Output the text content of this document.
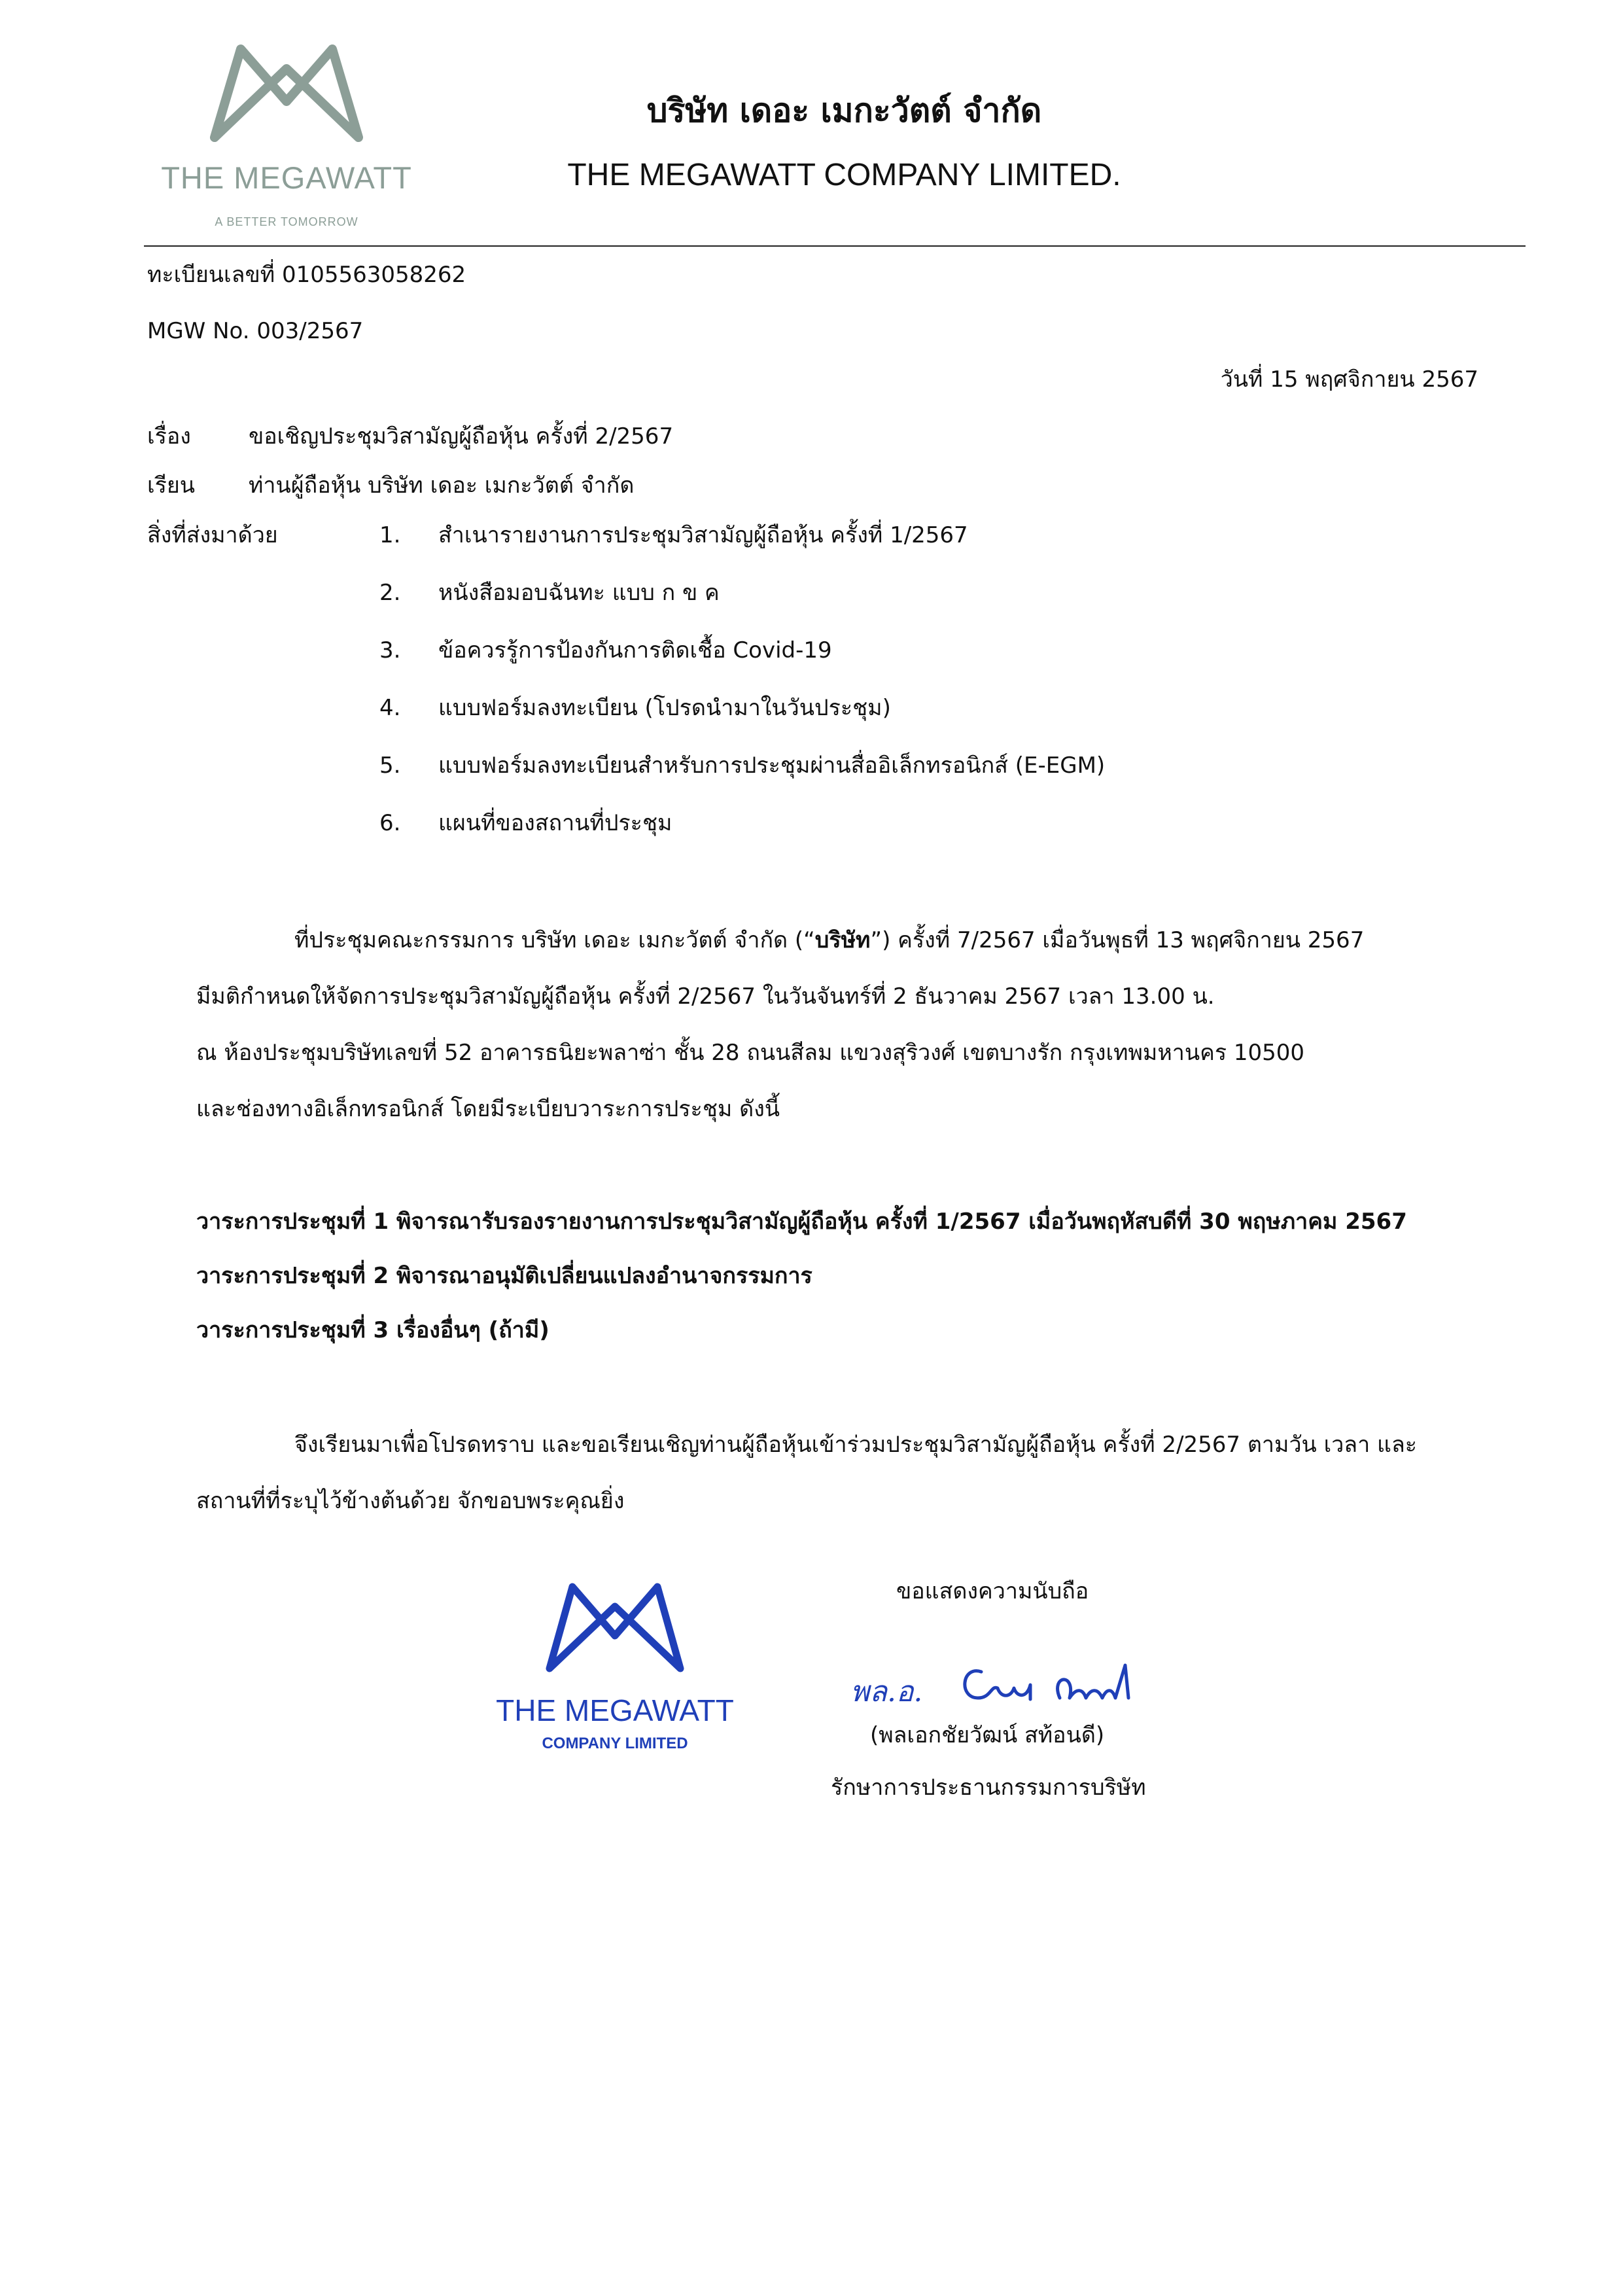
THE MEGAWATT
A BETTER TOMORROW
บริษัท เดอะ เมกะวัตต์ จำกัด
THE MEGAWATT COMPANY LIMITED.
ทะเบียนเลขที่ 0105563058262
MGW No. 003/2567
วันที่ 15 พฤศจิกายน 2567
เรื่อง	ขอเชิญประชุมวิสามัญผู้ถือหุ้น ครั้งที่ 2/2567
เรียน ท่านผู้ถือหุ้น บริษัท เดอะ เมกะวัตต์ จำกัด
สิ่งที่ส่งมาด้วย	1. สำเนารายงานการประชุมวิสามัญผู้ถือหุ้น ครั้งที่ 1/2567
2. หนังสือมอบฉันทะ แบบ ก ข ค
3. ข้อควรรู้การป้องกันการติดเชื้อ Covid-19
4. แบบฟอร์มลงทะเบียน (โปรดนำมาในวันประชุม)
5. แบบฟอร์มลงทะเบียนสำหรับการประชุมผ่านสื่ออิเล็กทรอนิกส์ (E-EGM)
6. แผนที่ของสถานที่ประชุม
ที่ประชุมคณะกรรมการ บริษัท เดอะ เมกะวัตต์ จำกัด (“บริษัท”) ครั้งที่ 7/2567 เมื่อวันพุธที่ 13 พฤศจิกายน 2567
มีมติกำหนดให้จัดการประชุมวิสามัญผู้ถือหุ้น ครั้งที่ 2/2567 ในวันจันทร์ที่ 2 ธันวาคม 2567 เวลา 13.00 น.
ณ ห้องประชุมบริษัทเลขที่ 52 อาคารธนิยะพลาซ่า ชั้น 28 ถนนสีลม แขวงสุริวงศ์ เขตบางรัก กรุงเทพมหานคร 10500
และช่องทางอิเล็กทรอนิกส์ โดยมีระเบียบวาระการประชุม ดังนี้
วาระการประชุมที่ 1 พิจารณารับรองรายงานการประชุมวิสามัญผู้ถือหุ้น ครั้งที่ 1/2567 เมื่อวันพฤหัสบดีที่ 30 พฤษภาคม 2567
วาระการประชุมที่ 2 พิจารณาอนุมัติเปลี่ยนแปลงอำนาจกรรมการ
วาระการประชุมที่ 3 เรื่องอื่นๆ (ถ้ามี)
จึงเรียนมาเพื่อโปรดทราบ และขอเรียนเชิญท่านผู้ถือหุ้นเข้าร่วมประชุมวิสามัญผู้ถือหุ้น ครั้งที่ 2/2567 ตามวัน เวลา และ
สถานที่ที่ระบุไว้ข้างต้นด้วย จักขอบพระคุณยิ่ง
ขอแสดงความนับถือ
THE MEGAWATT
COMPANY LIMITED
พล.อ.
(พลเอกชัยวัฒน์ สท้อนดี)
รักษาการประธานกรรมการบริษัท
